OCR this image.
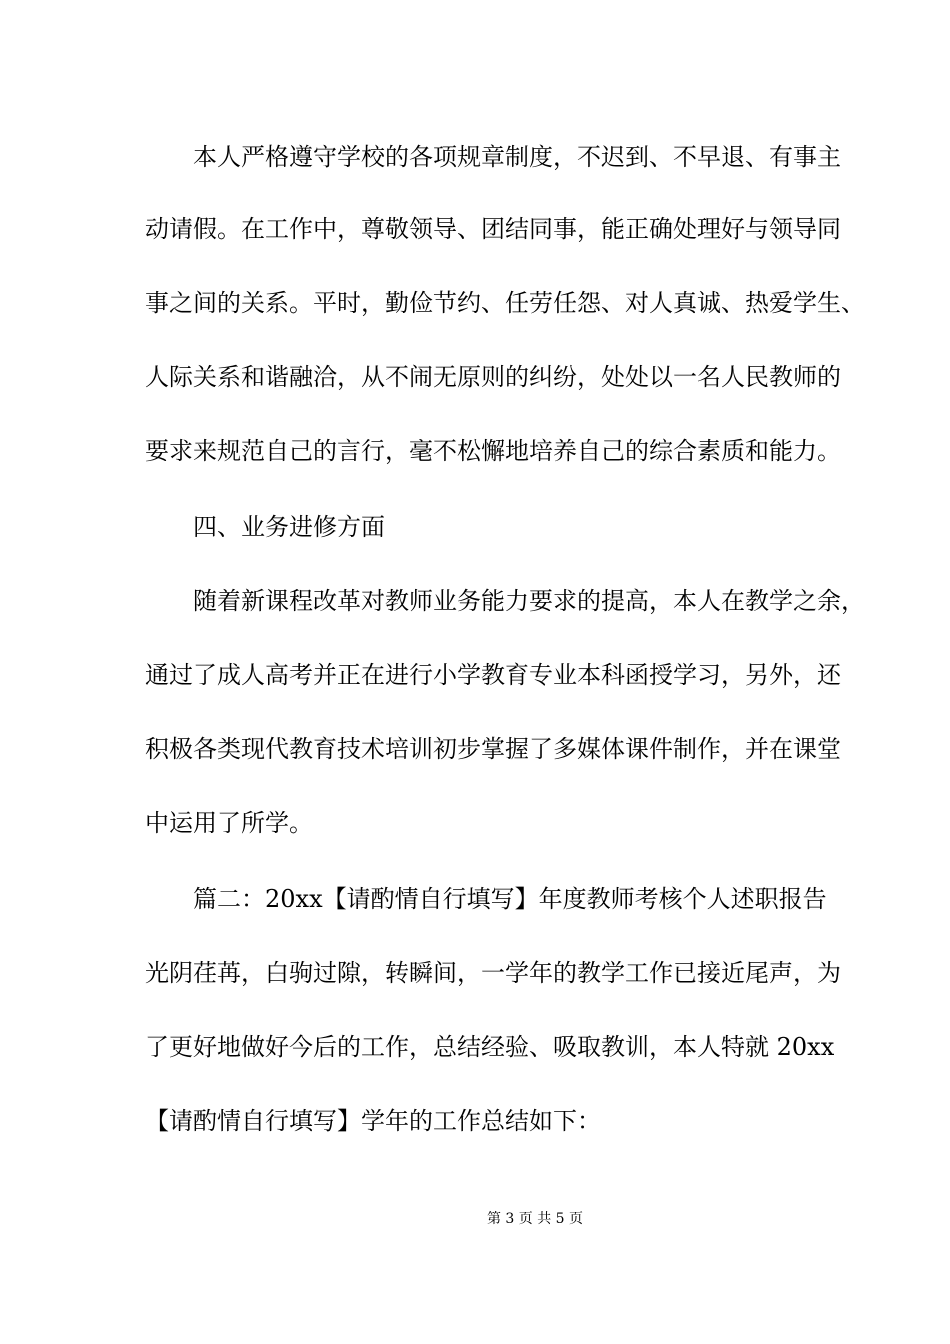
本人严格遵守学校的各项规章制度，不迟到、不早退、有事主
动请假。在工作中，尊敬领导、团结同事，能正确处理好与领导同
事之间的关系。平时，勤俭节约、任劳任怨、对人真诚、热爱学生、
人际关系和谐融洽，从不闹无原则的纠纷，处处以一名人民教师的
要求来规范自己的言行，毫不松懈地培养自己的综合素质和能力。
四、业务进修方面
随着新课程改革对教师业务能力要求的提高，本人在教学之余，
通过了成人高考并正在进行小学教育专业本科函授学习，另外，还
积极各类现代教育技术培训初步掌握了多媒体课件制作，并在课堂
中运用了所学。
篇二：20xx【请酌情自行填写】年度教师考核个人述职报告
光阴荏苒，白驹过隙，转瞬间，一学年的教学工作已接近尾声，为
了更好地做好今后的工作，总结经验、吸取教训，本人特就 20xx
【请酌情自行填写】学年的工作总结如下：
第 3 页 共 5 页
